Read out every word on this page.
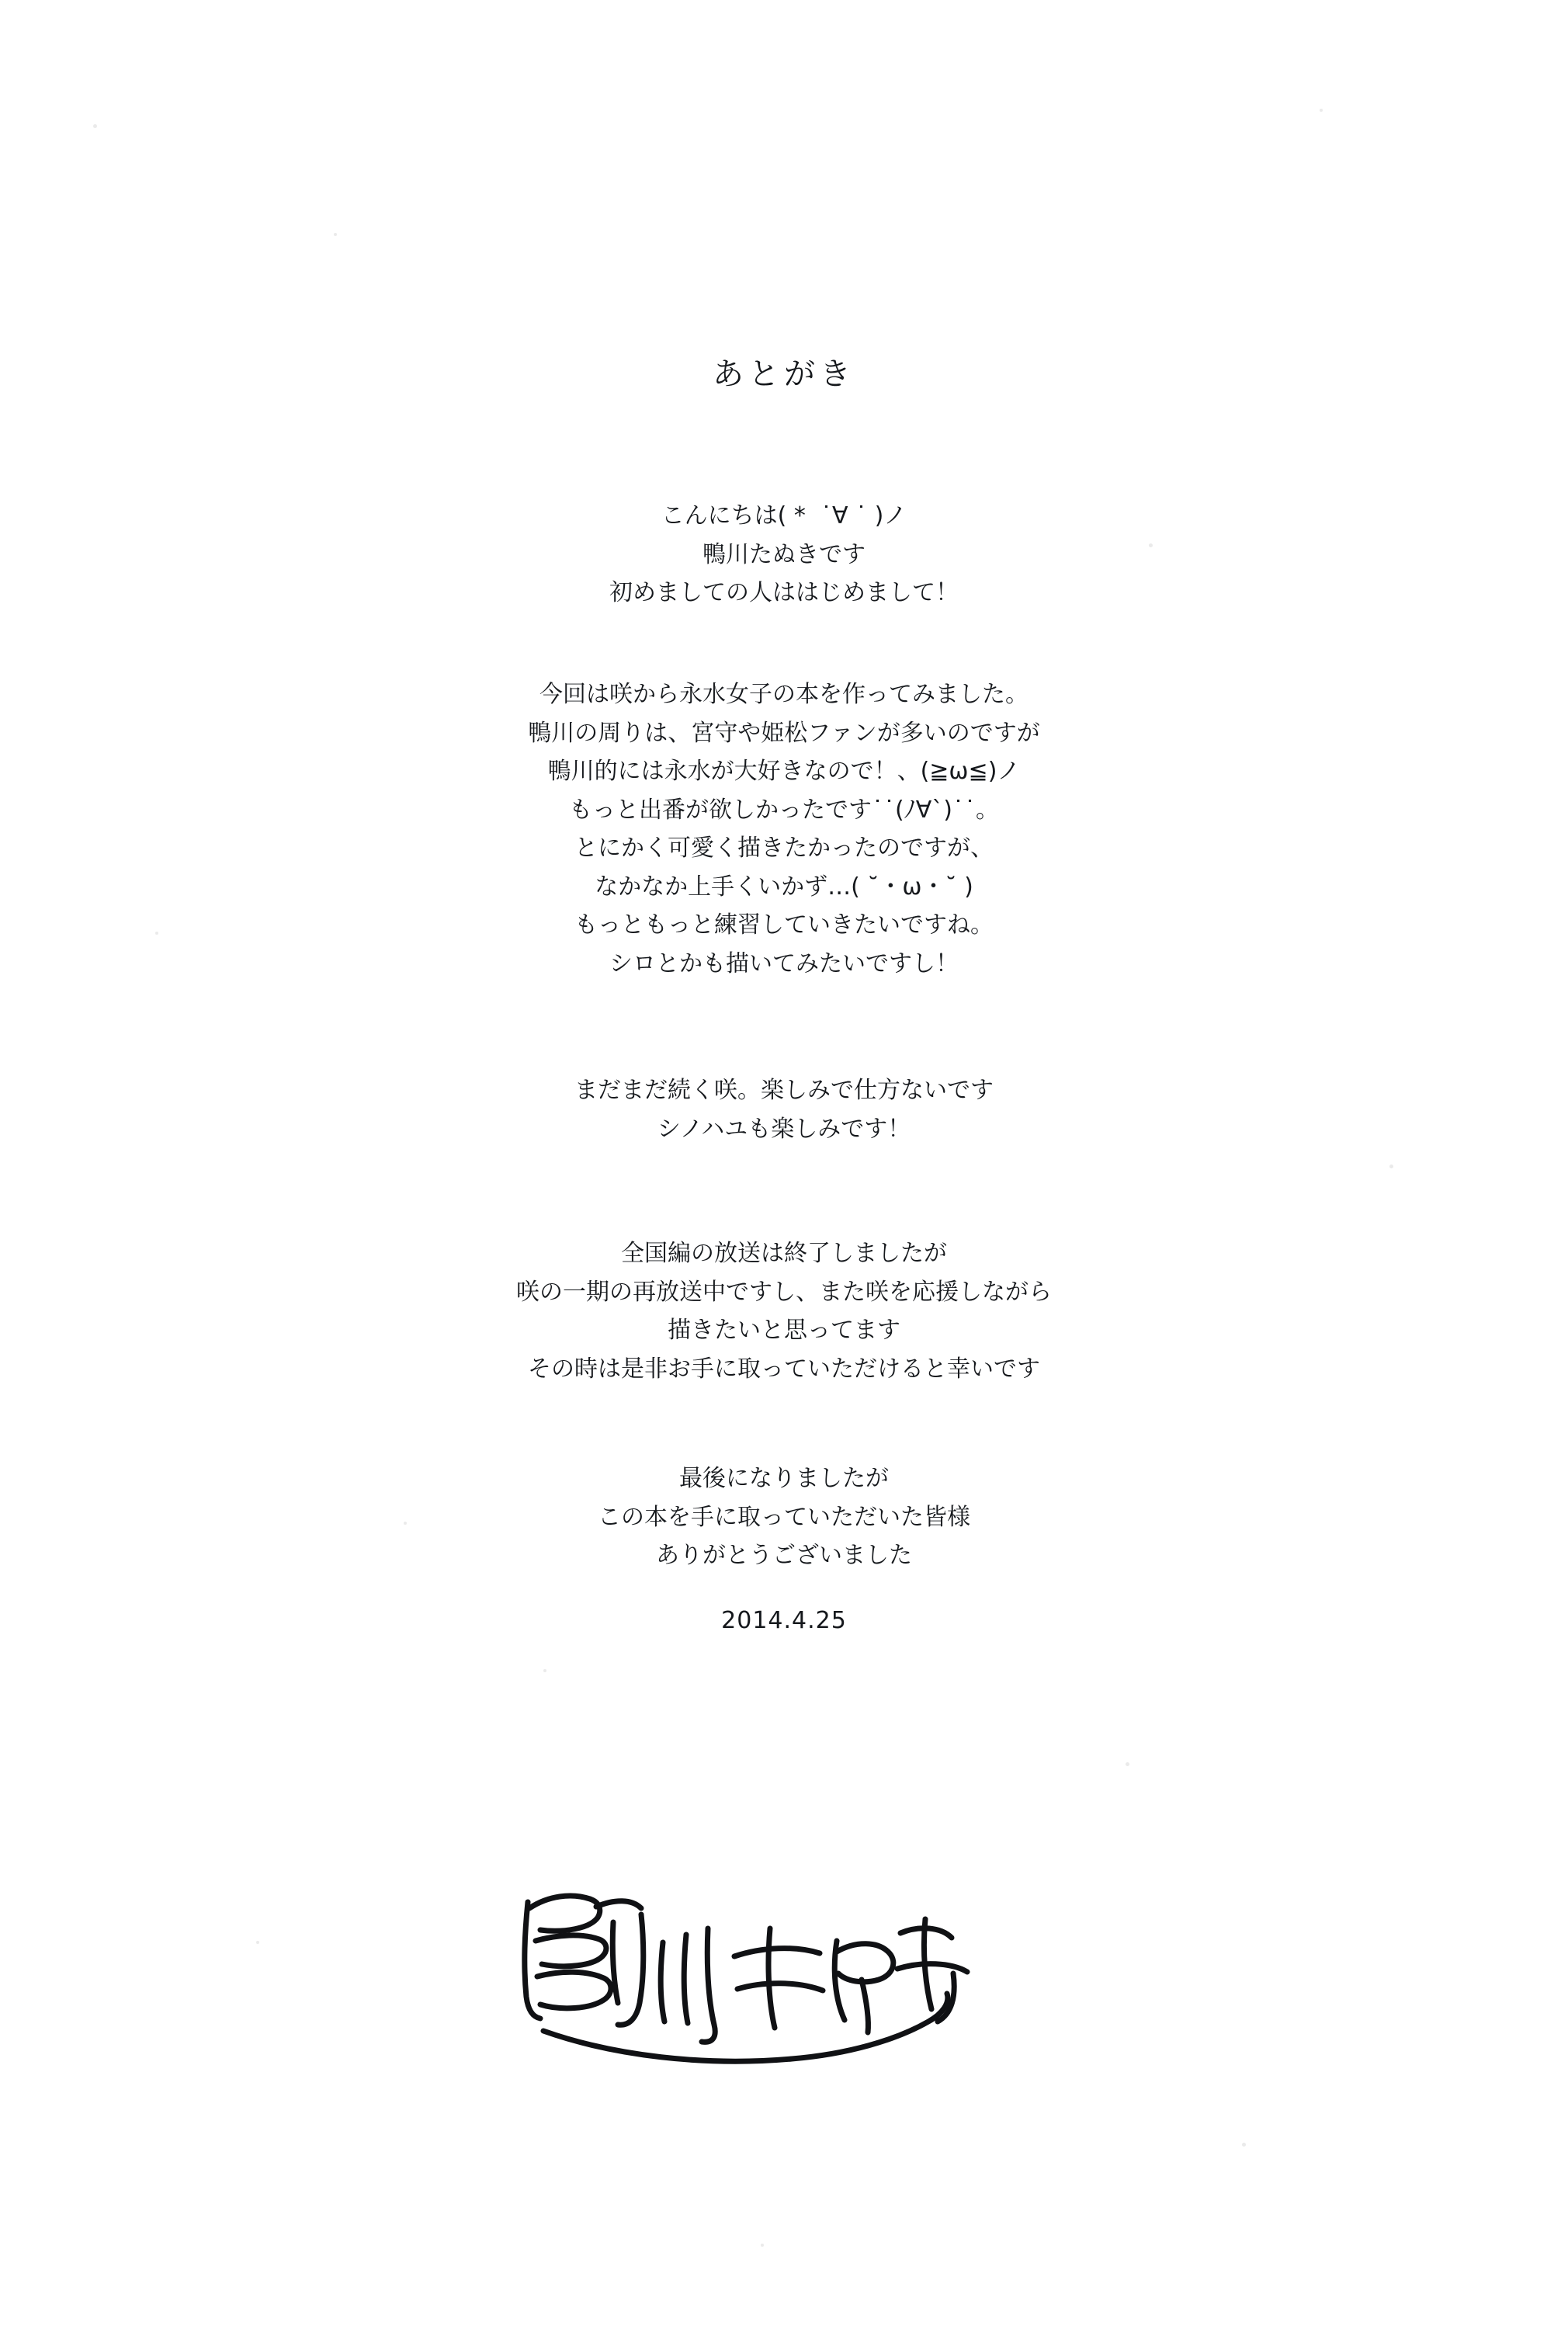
あとがき
こんにちは( *  ˙∀ ˙ )ノ
鴨川たぬきです
初めましての人ははじめまして！
今回は咲から永水女子の本を作ってみました。
鴨川の周りは、宮守や姫松ファンが多いのですが
鴨川的には永水が大好きなので！、(≧ω≦)ノ
もっと出番が欲しかったです˙˙(ﾉ∀`)˙˙。
とにかく可愛く描きたかったのですが、
なかなか上手くいかず…( ˘・ω・˘ )
もっともっと練習していきたいですね。
シロとかも描いてみたいですし！
まだまだ続く咲。楽しみで仕方ないです
シノハユも楽しみです！
全国編の放送は終了しましたが
咲の一期の再放送中ですし、また咲を応援しながら
描きたいと思ってます
その時は是非お手に取っていただけると幸いです
最後になりましたが
この本を手に取っていただいた皆様
ありがとうございました
2014.4.25
